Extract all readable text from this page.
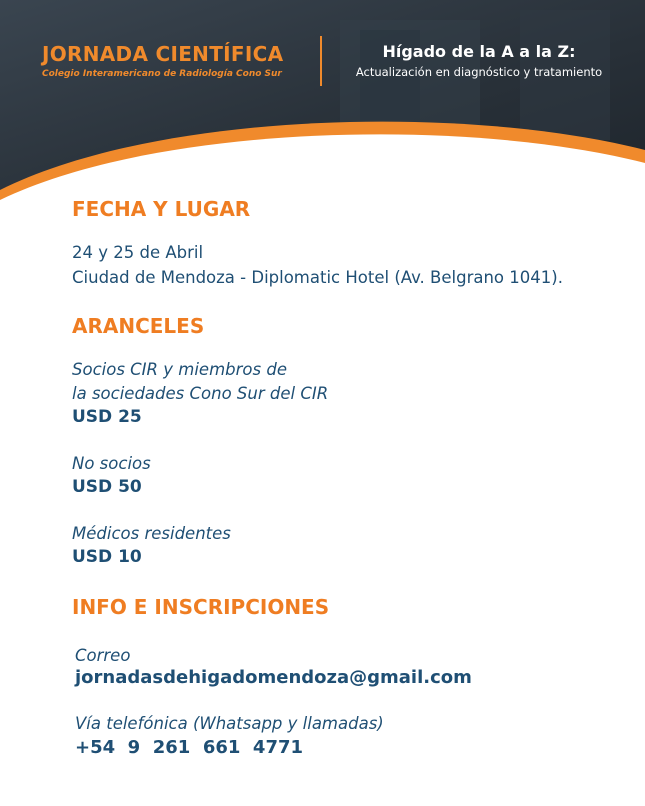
JORNADA CIENTÍFICA
Colegio Interamericano de Radiología Cono Sur
Hígado de la A a la Z:
Actualización en diagnóstico y tratamiento
FECHA Y LUGAR
24 y 25 de Abril
Ciudad de Mendoza - Diplomatic Hotel (Av. Belgrano 1041).
ARANCELES
Socios CIR y miembros de
la sociedades Cono Sur del CIR
USD 25
No socios
USD 50
Médicos residentes
USD 10
INFO E INSCRIPCIONES
Correo
jornadasdehigadomendoza@gmail.com
Vía telefónica (Whatsapp y llamadas)
+54  9  261  661  4771
